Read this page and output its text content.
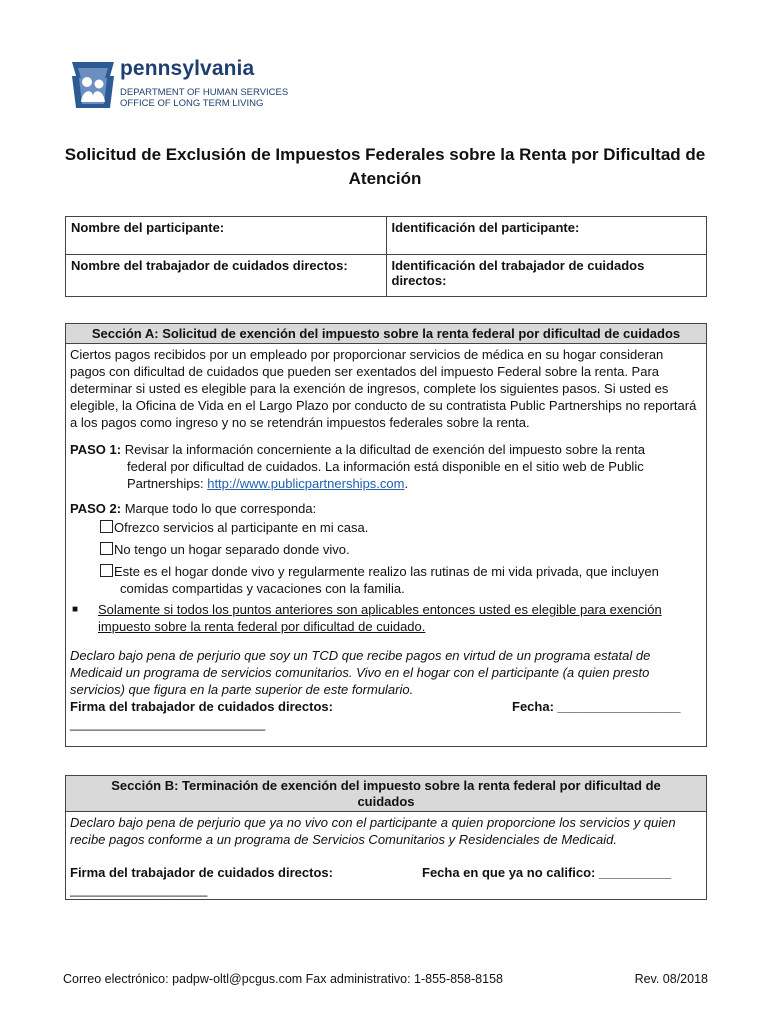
pennsylvania
DEPARTMENT OF HUMAN SERVICES
OFFICE OF LONG TERM LIVING
Solicitud de Exclusión de Impuestos Federales sobre la Renta por Dificultad de Atención
Nombre del participante:	Identificación del participante:
Nombre del trabajador de cuidados directos:	Identificación del trabajador de cuidados directos:
Sección A: Solicitud de exención del impuesto sobre la renta federal por dificultad de cuidados

Ciertos pagos recibidos por un empleado por proporcionar servicios de médica en su hogar consideran pagos con dificultad de cuidados que pueden ser exentados del impuesto Federal sobre la renta. Para determinar si usted es elegible para la exención de ingresos, complete los siguientes pasos. Si usted es elegible, la Oficina de Vida en el Largo Plazo por conducto de su contratista Public Partnerships no reportará a los pagos como ingreso y no se retendrán impuestos federales sobre la renta.

PASO 1: Revisar la información concerniente a la dificultad de exención del impuesto sobre la renta
federal por dificultad de cuidados. La información está disponible en el sitio web de Public
Partnerships: http://www.publicpartnerships.com.
PASO 2: Marque todo lo que corresponda:
Ofrezco servicios al participante en mi casa.
No tengo un hogar separado donde vivo.
Este es el hogar donde vivo y regularmente realizo las rutinas de mi vida privada, que incluyen
comidas compartidas y vacaciones con la familia.
■	Solamente si todos los puntos anteriores son aplicables entonces usted es elegible para exención
impuesto sobre la renta federal por dificultad de cuidado.
Declaro bajo pena de perjurio que soy un TCD que recibe pagos en virtud de un programa estatal de Medicaid un programa de servicios comunitarios. Vivo en el hogar con el participante (a quien presto servicios) que figura en la parte superior de este formulario.
Firma del trabajador de cuidados directos:	Fecha: _________________
___________________________
Sección B: Terminación de exención del impuesto sobre la renta federal por dificultad de cuidados
Declaro bajo pena de perjurio que ya no vivo con el participante a quien proporcione los servicios y quien recibe pagos conforme a un programa de Servicios Comunitarios y Residenciales de Medicaid.
Firma del trabajador de cuidados directos:	Fecha en que ya no califico: __________
___________________
Correo electrónico: padpw-oltl@pcgus.com Fax administrativo: 1-855-858-8158	Rev. 08/2018
